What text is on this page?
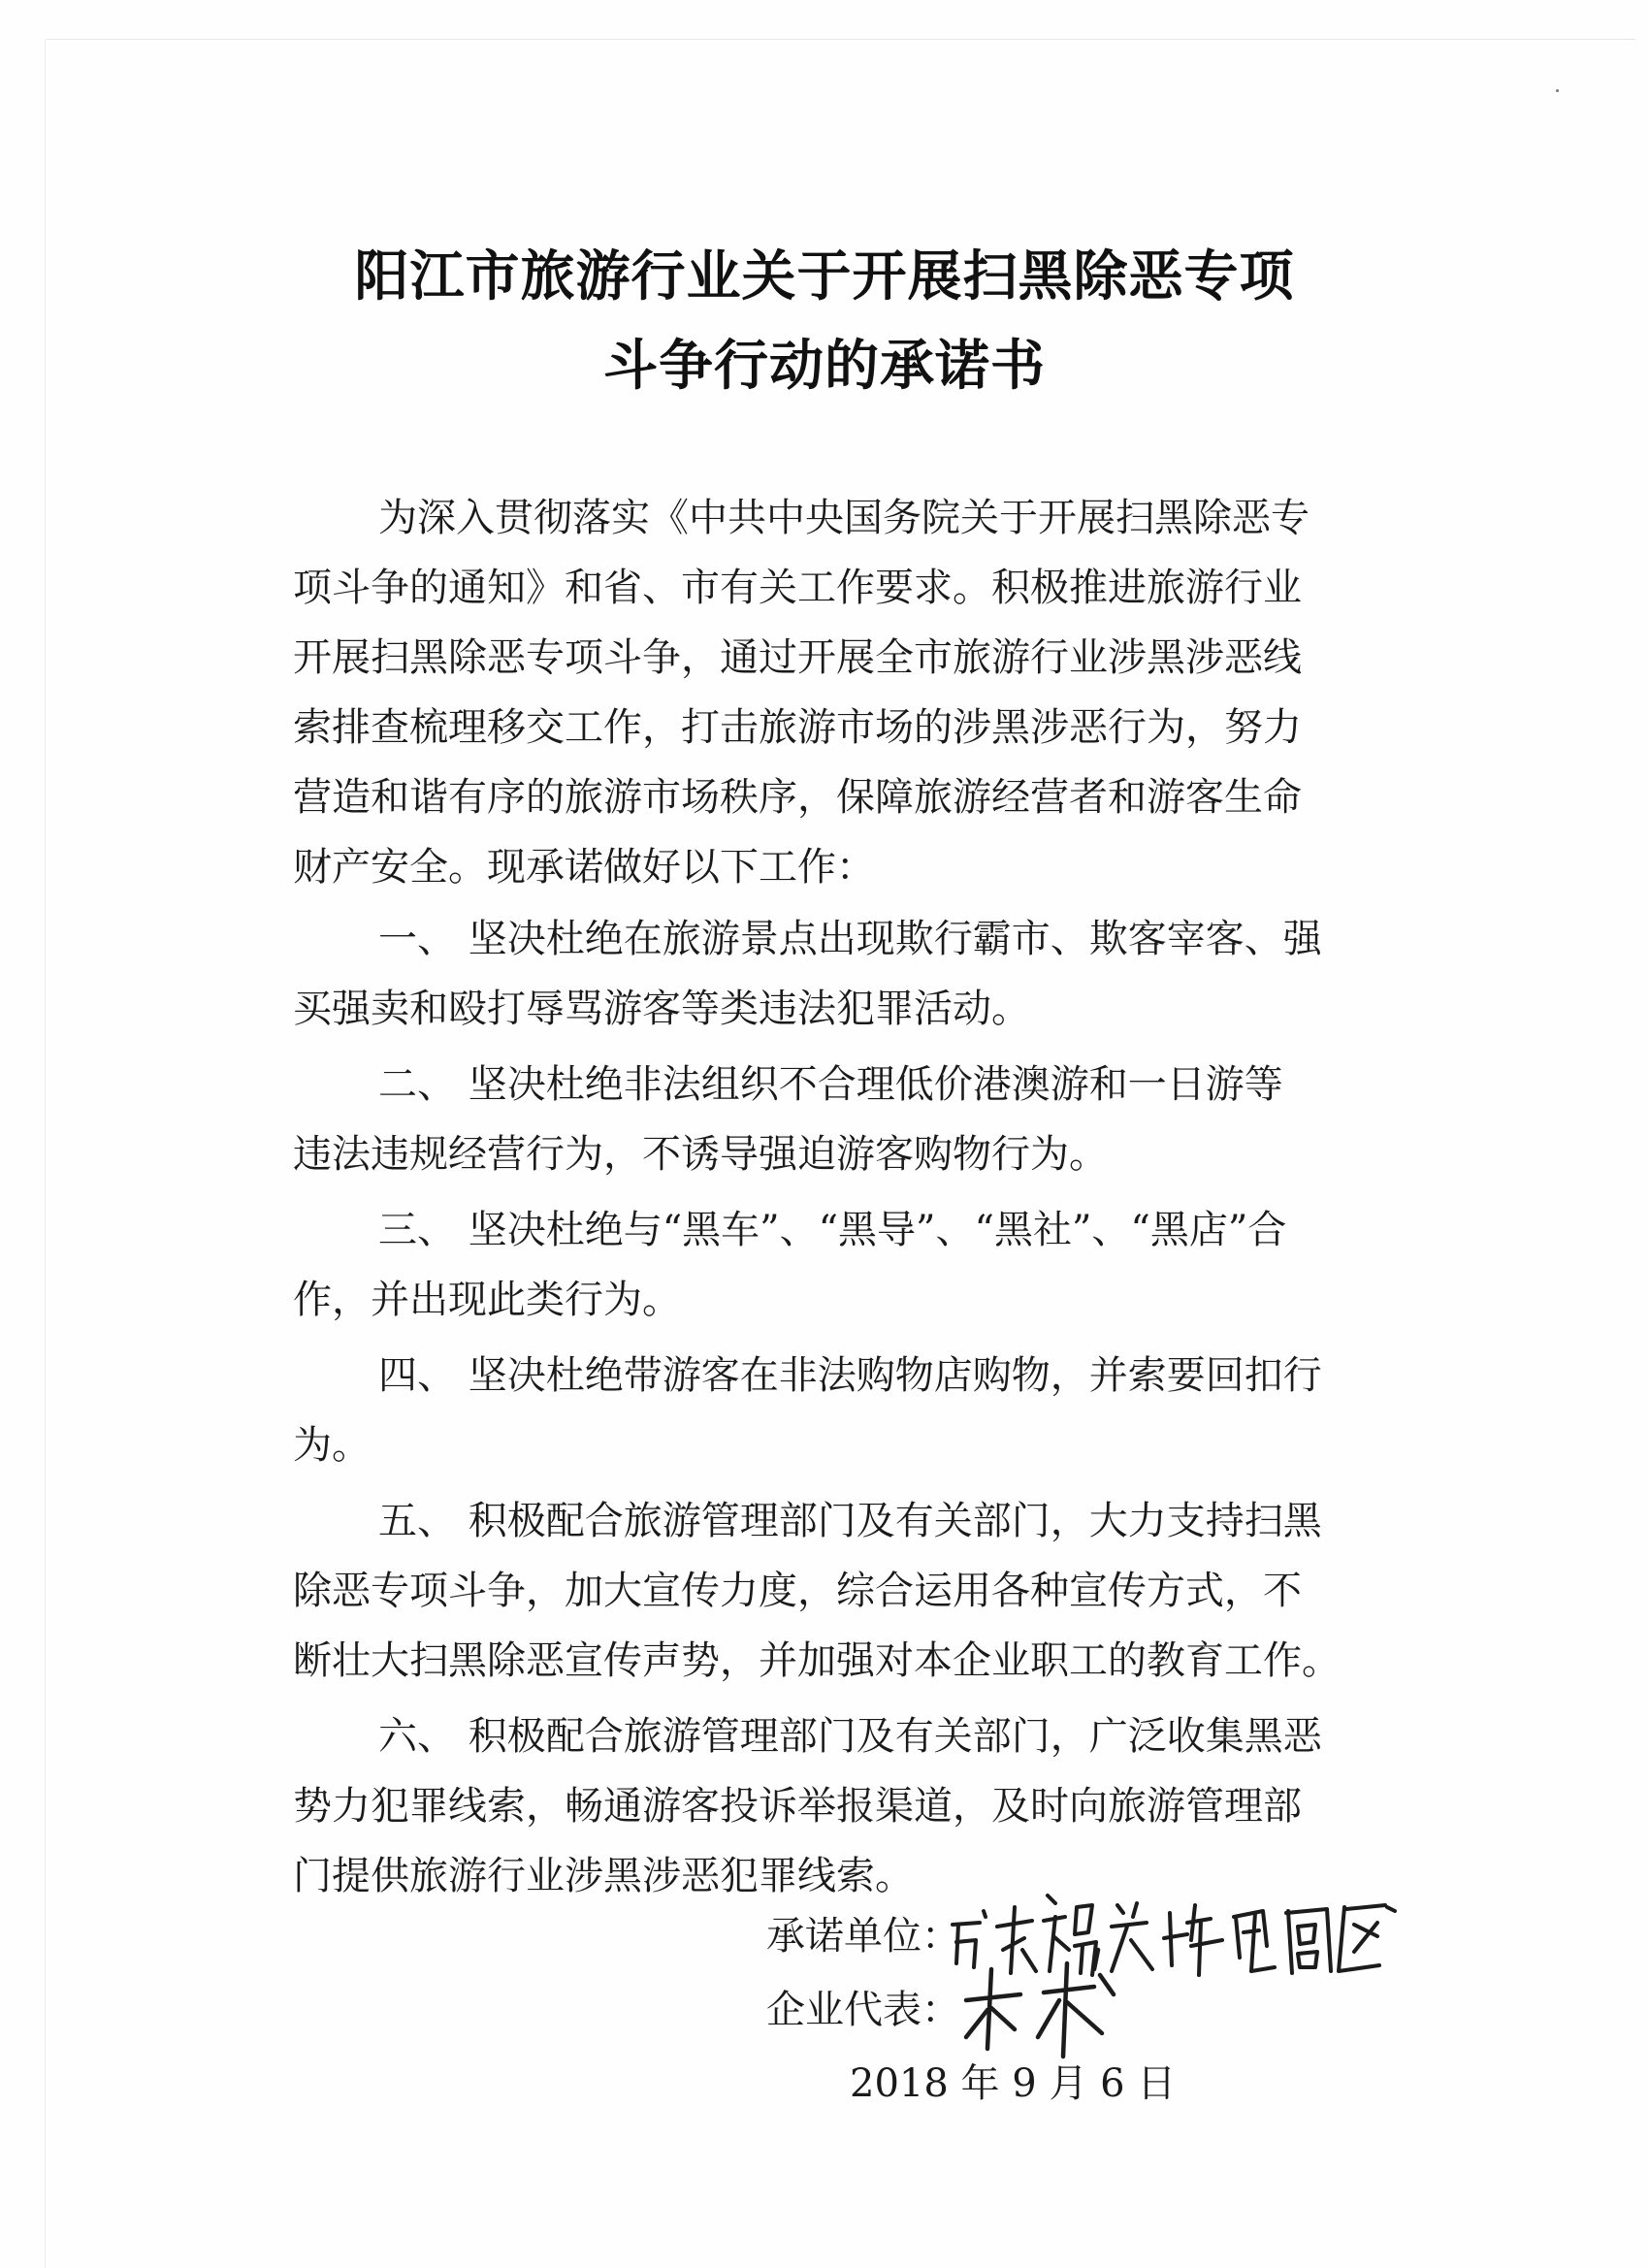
阳江市旅游行业关于开展扫黑除恶专项
斗争行动的承诺书
为深入贯彻落实《中共中央国务院关于开展扫黑除恶专
项斗争的通知》和省、市有关工作要求。积极推进旅游行业
开展扫黑除恶专项斗争，通过开展全市旅游行业涉黑涉恶线
索排查梳理移交工作，打击旅游市场的涉黑涉恶行为，努力
营造和谐有序的旅游市场秩序，保障旅游经营者和游客生命
财产安全。现承诺做好以下工作：
一、 坚决杜绝在旅游景点出现欺行霸市、欺客宰客、强
买强卖和殴打辱骂游客等类违法犯罪活动。
二、 坚决杜绝非法组织不合理低价港澳游和一日游等
违法违规经营行为，不诱导强迫游客购物行为。
三、 坚决杜绝与“黑车”、“黑导”、“黑社”、“黑店”合
作，并出现此类行为。
四、 坚决杜绝带游客在非法购物店购物，并索要回扣行
为。
五、 积极配合旅游管理部门及有关部门，大力支持扫黑
除恶专项斗争，加大宣传力度，综合运用各种宣传方式，不
断壮大扫黑除恶宣传声势，并加强对本企业职工的教育工作。
六、 积极配合旅游管理部门及有关部门，广泛收集黑恶
势力犯罪线索，畅通游客投诉举报渠道，及时向旅游管理部
门提供旅游行业涉黑涉恶犯罪线索。
承诺单位：
企业代表：
2018 年 9 月 6 日
